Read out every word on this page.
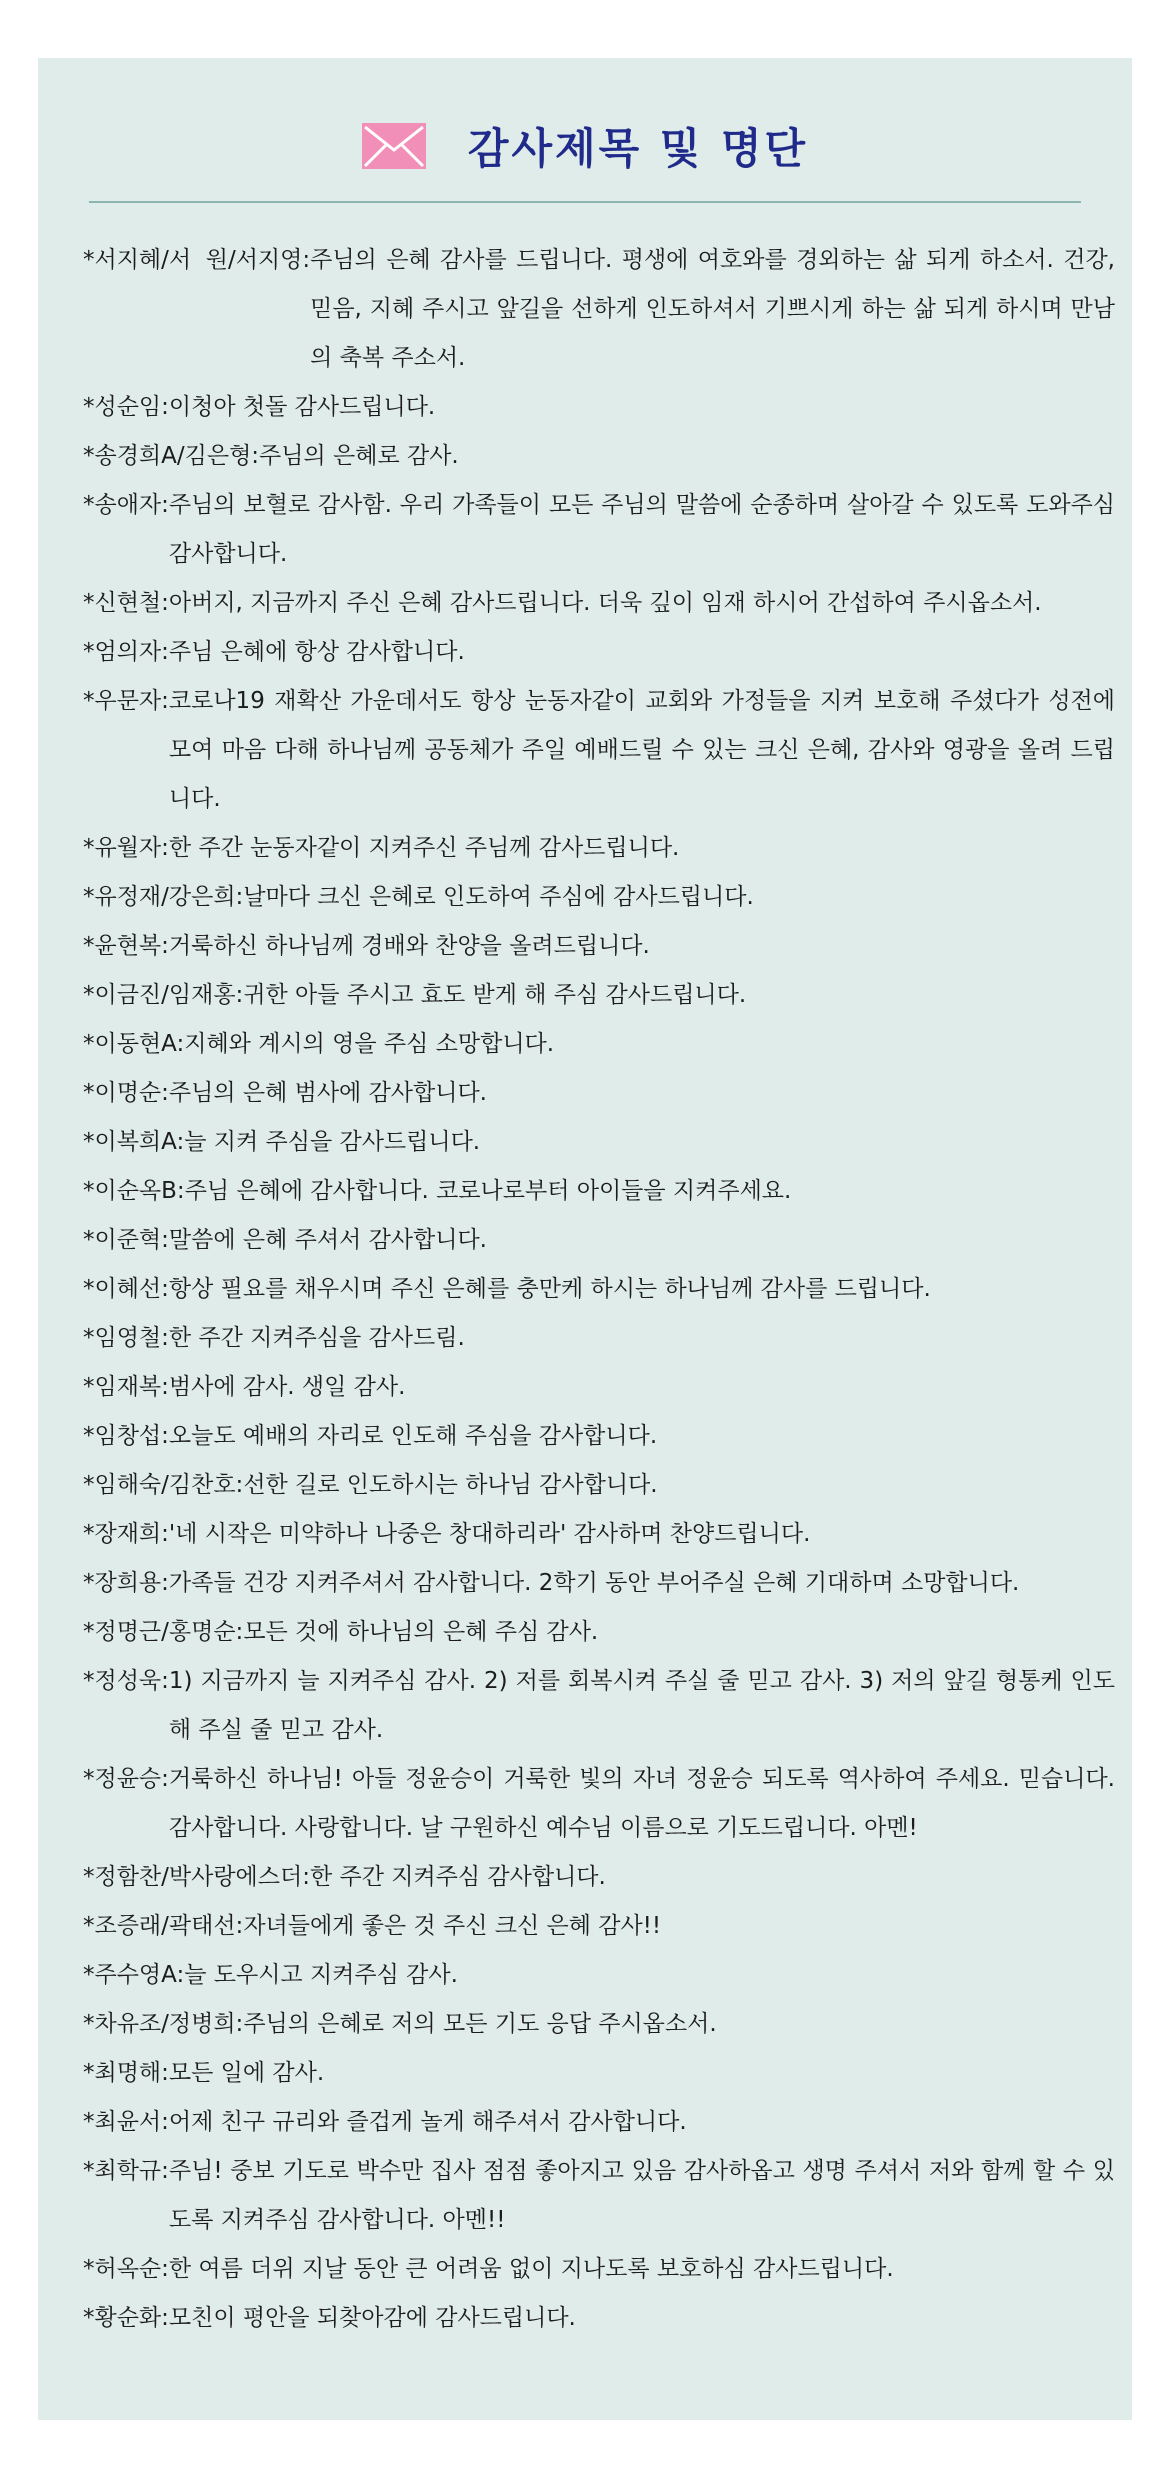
감사제목 및 명단
*서지혜/서  원/서지영: 주님의 은혜 감사를 드립니다. 평생에 여호와를 경외하는 삶 되게 하소서. 건강, 믿음, 지혜 주시고 앞길을 선하게 인도하셔서 기쁘시게 하는 삶 되게 하시며 만남의 축복 주소서.
*성순임: 이청아 첫돌 감사드립니다.
*송경희A/김은형: 주님의 은혜로 감사.
*송애자: 주님의 보혈로 감사함. 우리 가족들이 모든 주님의 말씀에 순종하며 살아갈 수 있도록 도와주심 감사합니다.
*신현철: 아버지, 지금까지 주신 은혜 감사드립니다. 더욱 깊이 임재 하시어 간섭하여 주시옵소서.
*엄의자: 주님 은혜에 항상 감사합니다.
*우문자: 코로나19 재확산 가운데서도 항상 눈동자같이 교회와 가정들을 지켜 보호해 주셨다가 성전에 모여 마음 다해 하나님께 공동체가 주일 예배드릴 수 있는 크신 은혜, 감사와 영광을 올려 드립니다.
*유월자: 한 주간 눈동자같이 지켜주신 주님께 감사드립니다.
*유정재/강은희: 날마다 크신 은혜로 인도하여 주심에 감사드립니다.
*윤현복: 거룩하신 하나님께 경배와 찬양을 올려드립니다.
*이금진/임재홍: 귀한 아들 주시고 효도 받게 해 주심 감사드립니다.
*이동현A: 지혜와 계시의 영을 주심 소망합니다.
*이명순: 주님의 은혜 범사에 감사합니다.
*이복희A: 늘 지켜 주심을 감사드립니다.
*이순옥B: 주님 은혜에 감사합니다. 코로나로부터 아이들을 지켜주세요.
*이준혁: 말씀에 은혜 주셔서 감사합니다.
*이혜선: 항상 필요를 채우시며 주신 은혜를 충만케 하시는 하나님께 감사를 드립니다.
*임영철: 한 주간 지켜주심을 감사드림.
*임재복: 범사에 감사. 생일 감사.
*임창섭: 오늘도 예배의 자리로 인도해 주심을 감사합니다.
*임해숙/김찬호: 선한 길로 인도하시는 하나님 감사합니다.
*장재희: '네 시작은 미약하나 나중은 창대하리라' 감사하며 찬양드립니다.
*장희용: 가족들 건강 지켜주셔서 감사합니다. 2학기 동안 부어주실 은혜 기대하며 소망합니다.
*정명근/홍명순: 모든 것에 하나님의 은혜 주심 감사.
*정성욱: 1) 지금까지 늘 지켜주심 감사. 2) 저를 회복시켜 주실 줄 믿고 감사. 3) 저의 앞길 형통케 인도해 주실 줄 믿고 감사.
*정윤승: 거룩하신 하나님! 아들 정윤승이 거룩한 빛의 자녀 정윤승 되도록 역사하여 주세요. 믿습니다. 감사합니다. 사랑합니다. 날 구원하신 예수님 이름으로 기도드립니다. 아멘!
*정함찬/박사랑에스더: 한 주간 지켜주심 감사합니다.
*조증래/곽태선: 자녀들에게 좋은 것 주신 크신 은혜 감사!!
*주수영A: 늘 도우시고 지켜주심 감사.
*차유조/정병희: 주님의 은혜로 저의 모든 기도 응답 주시옵소서.
*최명해: 모든 일에 감사.
*최윤서: 어제 친구 규리와 즐겁게 놀게 해주셔서 감사합니다.
*최학규: 주님! 중보 기도로 박수만 집사 점점 좋아지고 있음 감사하옵고 생명 주셔서 저와 함께 할 수 있도록 지켜주심 감사합니다. 아멘!!
*허옥순: 한 여름 더위 지날 동안 큰 어려움 없이 지나도록 보호하심 감사드립니다.
*황순화: 모친이 평안을 되찾아감에 감사드립니다.
